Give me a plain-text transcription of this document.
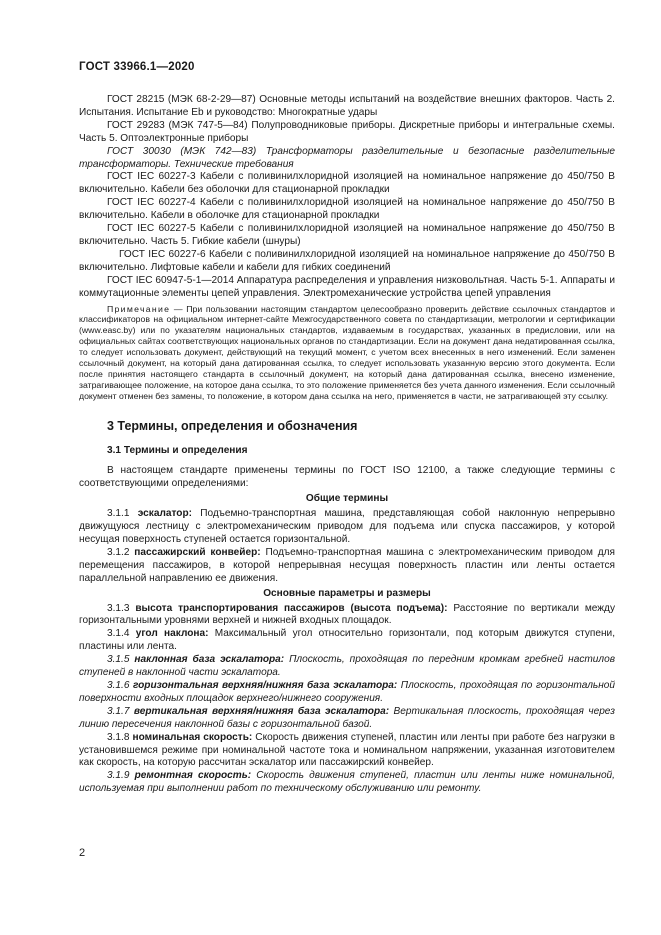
ГОСТ 33966.1—2020

ГОСТ 28215 (МЭК 68-2-29—87) Основные методы испытаний на воздействие внешних факторов. Часть 2. Испытания. Испытание Eb и руководство: Многократные удары

ГОСТ 29283 (МЭК 747-5—84) Полупроводниковые приборы. Дискретные приборы и интегральные схемы. Часть 5. Оптоэлектронные приборы

ГОСТ 30030 (МЭК 742—83) Трансформаторы разделительные и безопасные разделительные трансформаторы. Технические требования

ГОСТ IEC 60227-3 Кабели с поливинилхлоридной изоляцией на номинальное напряжение до 450/750 В включительно. Кабели без оболочки для стационарной прокладки

ГОСТ IEC 60227-4 Кабели с поливинилхлоридной изоляцией на номинальное напряжение до 450/750 В включительно. Кабели в оболочке для стационарной прокладки

ГОСТ IEC 60227-5 Кабели с поливинилхлоридной изоляцией на номинальное напряжение до 450/750 В включительно. Часть 5. Гибкие кабели (шнуры)

ГОСТ IEC 60227-6 Кабели с поливинилхлоридной изоляцией на номинальное напряжение до 450/750 В включительно. Лифтовые кабели и кабели для гибких соединений

ГОСТ IEC 60947-5-1—2014 Аппаратура распределения и управления низковольтная. Часть 5-1. Аппараты и коммутационные элементы цепей управления. Электромеханические устройства цепей управления

Примечание — При пользовании настоящим стандартом целесообразно проверить действие ссылочных стандартов и классификаторов на официальном интернет-сайте Межгосударственного совета по стандартизации, метрологии и сертификации (www.easc.by) или по указателям национальных стандартов, издаваемым в государствах, указанных в предисловии, или на официальных сайтах соответствующих национальных органов по стандартизации. Если на документ дана недатированная ссылка, то следует использовать документ, действующий на текущий момент, с учетом всех внесенных в него изменений. Если заменен ссылочный документ, на который дана датированная ссылка, то следует использовать указанную версию этого документа. Если после принятия настоящего стандарта в ссылочный документ, на который дана датированная ссылка, внесено изменение, затрагивающее положение, на которое дана ссылка, то это положение применяется без учета данного изменения. Если ссылочный документ отменен без замены, то положение, в котором дана ссылка на него, применяется в части, не затрагивающей эту ссылку.

3 Термины, определения и обозначения

3.1 Термины и определения

В настоящем стандарте применены термины по ГОСТ ISO 12100, а также следующие термины с соответствующими определениями:

Общие термины

3.1.1 эскалатор: Подъемно-транспортная машина, представляющая собой наклонную непрерывно движущуюся лестницу с электромеханическим приводом для подъема или спуска пассажиров, у которой несущая поверхность ступеней остается горизонтальной.

3.1.2 пассажирский конвейер: Подъемно-транспортная машина с электромеханическим приводом для перемещения пассажиров, в которой непрерывная несущая поверхность пластин или ленты остается параллельной направлению ее движения.

Основные параметры и размеры

3.1.3 высота транспортирования пассажиров (высота подъема): Расстояние по вертикали между горизонтальными уровнями верхней и нижней входных площадок.

3.1.4 угол наклона: Максимальный угол относительно горизонтали, под которым движутся ступени, пластины или лента.

3.1.5 наклонная база эскалатора: Плоскость, проходящая по передним кромкам гребней настилов ступеней в наклонной части эскалатора.

3.1.6 горизонтальная верхняя/нижняя база эскалатора: Плоскость, проходящая по горизонтальной поверхности входных площадок верхнего/нижнего сооружения.

3.1.7 вертикальная верхняя/нижняя база эскалатора: Вертикальная плоскость, проходящая через линию пересечения наклонной базы с горизонтальной базой.

3.1.8 номинальная скорость: Скорость движения ступеней, пластин или ленты при работе без нагрузки в установившемся режиме при номинальной частоте тока и номинальном напряжении, указанная изготовителем как скорость, на которую рассчитан эскалатор или пассажирский конвейер.

3.1.9 ремонтная скорость: Скорость движения ступеней, пластин или ленты ниже номинальной, используемая при выполнении работ по техническому обслуживанию или ремонту.

2
